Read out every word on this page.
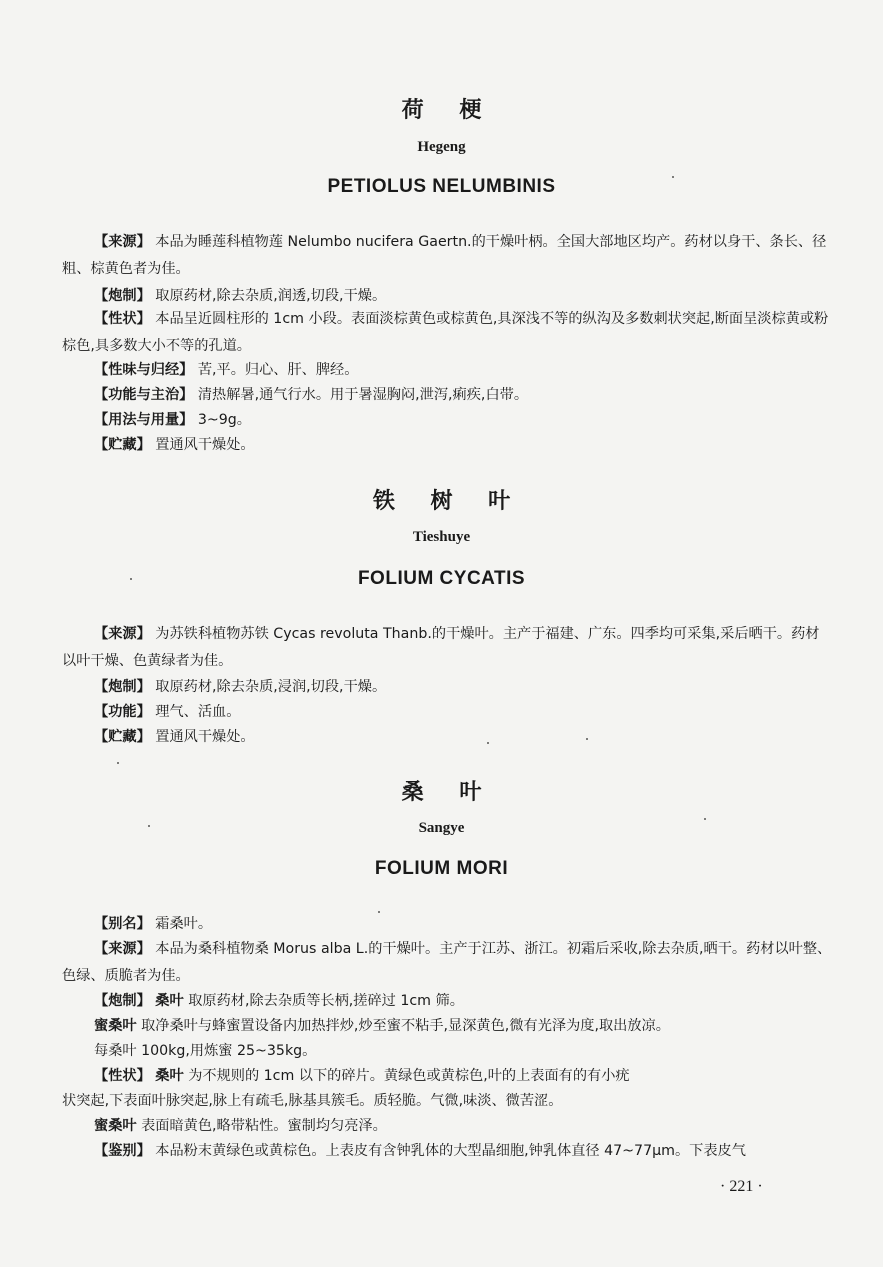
荷 梗
Hegeng
PETIOLUS NELUMBINIS
【来源】 本品为睡莲科植物莲 Nelumbo nucifera Gaertn.的干燥叶柄。全国大部地区均产。药材以身干、条长、径粗、棕黄色者为佳。
【炮制】 取原药材,除去杂质,润透,切段,干燥。
【性状】 本品呈近圆柱形的 1cm 小段。表面淡棕黄色或棕黄色,具深浅不等的纵沟及多数刺状突起,断面呈淡棕黄或粉棕色,具多数大小不等的孔道。
【性味与归经】 苦,平。归心、肝、脾经。
【功能与主治】 清热解暑,通气行水。用于暑湿胸闷,泄泻,痢疾,白带。
【用法与用量】 3~9g。
【贮藏】 置通风干燥处。
铁 树 叶
Tieshuye
FOLIUM CYCATIS
【来源】 为苏铁科植物苏铁 Cycas revoluta Thanb.的干燥叶。主产于福建、广东。四季均可采集,采后晒干。药材以叶干燥、色黄绿者为佳。
【炮制】 取原药材,除去杂质,浸润,切段,干燥。
【功能】 理气、活血。
【贮藏】 置通风干燥处。
桑 叶
Sangye
FOLIUM MORI
【别名】 霜桑叶。
【来源】 本品为桑科植物桑 Morus alba L.的干燥叶。主产于江苏、浙江。初霜后采收,除去杂质,晒干。药材以叶整、色绿、质脆者为佳。
【炮制】 桑叶 取原药材,除去杂质等长柄,搓碎过 1cm 筛。
蜜桑叶 取净桑叶与蜂蜜置设备内加热拌炒,炒至蜜不粘手,显深黄色,微有光泽为度,取出放凉。
每桑叶 100kg,用炼蜜 25~35kg。
【性状】 桑叶 为不规则的 1cm 以下的碎片。黄绿色或黄棕色,叶的上表面有的有小疣
状突起,下表面叶脉突起,脉上有疏毛,脉基具簇毛。质轻脆。气微,味淡、微苦涩。
蜜桑叶 表面暗黄色,略带粘性。蜜制均匀亮泽。
【鉴别】 本品粉末黄绿色或黄棕色。上表皮有含钟乳体的大型晶细胞,钟乳体直径 47~77μm。下表皮气
· 221 ·
